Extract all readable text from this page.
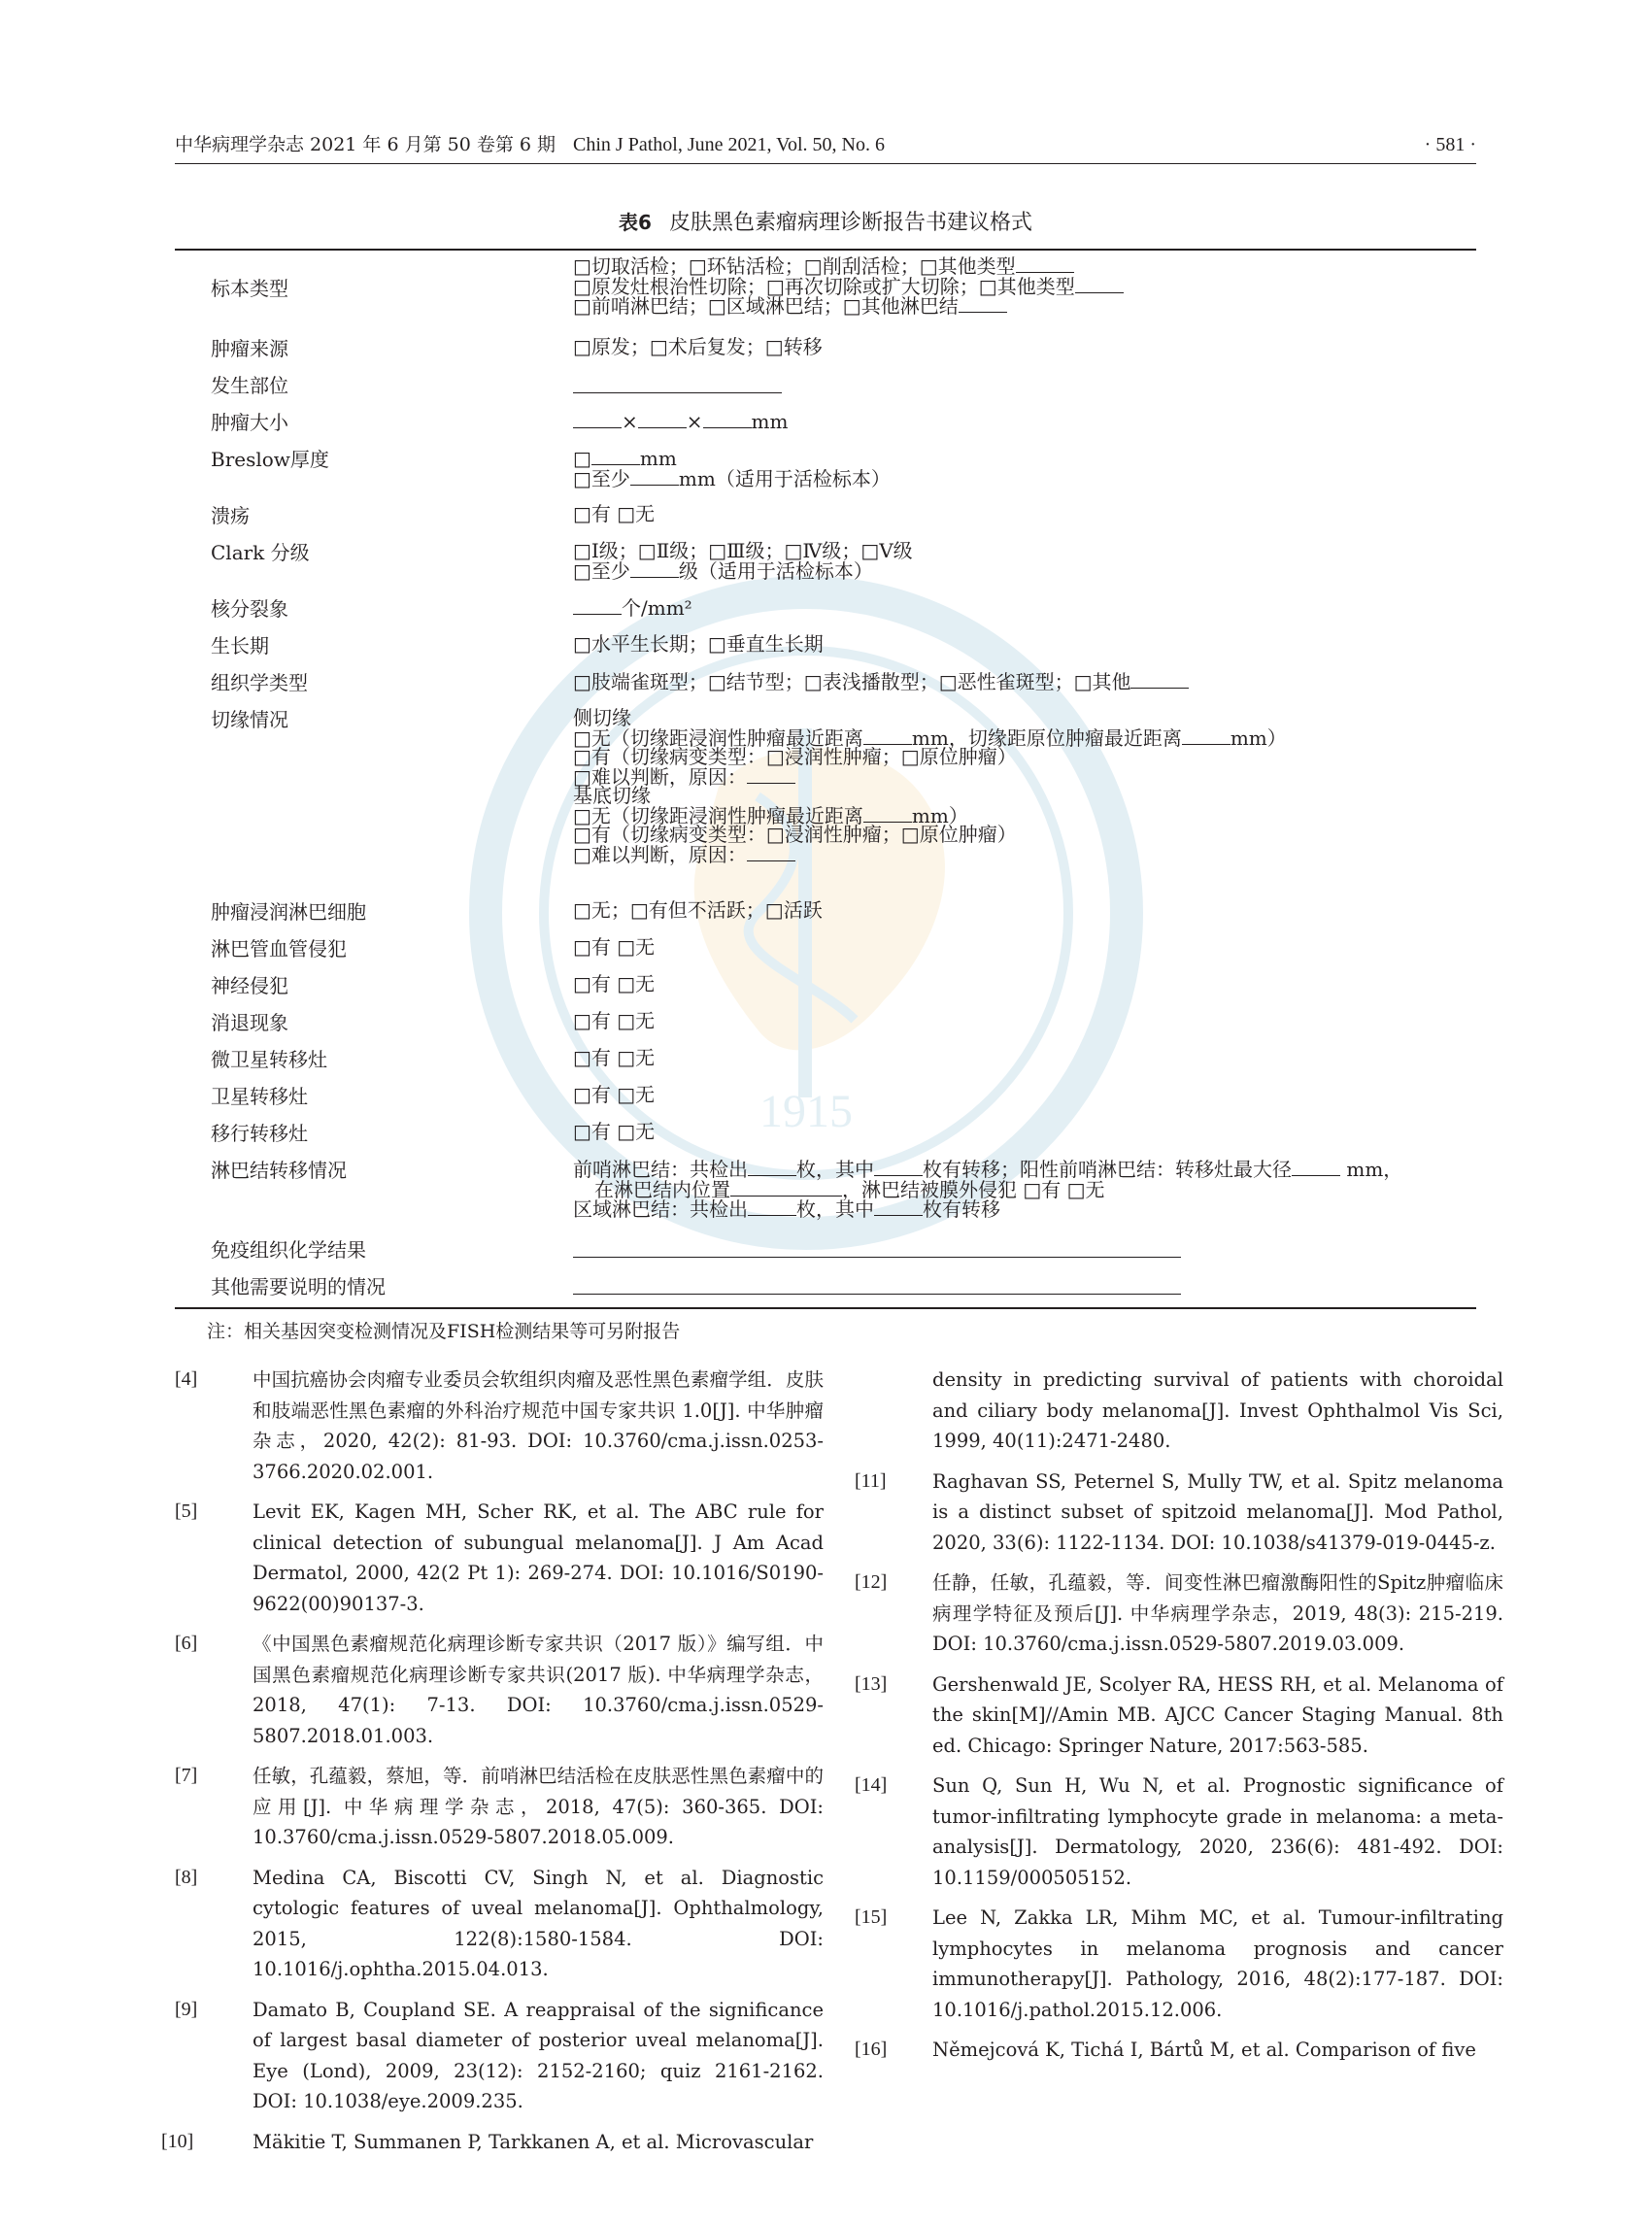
1915
中华病理学杂志 2021 年 6 月第 50 卷第 6 期 Chin J Pathol, June 2021, Vol. 50, No. 6	· 581 ·
表6 皮肤黑色素瘤病理诊断报告书建议格式
标本类型
□切取活检；□环钻活检；□削刮活检；□其他类型
□原发灶根治性切除；□再次切除或扩大切除；□其他类型
□前哨淋巴结；□区域淋巴结；□其他淋巴结
肿瘤来源	□原发；□术后复发；□转移
发生部位
肿瘤大小	×	×	mm
Breslow厚度	□	mm
□至少	mm（适用于活检标本）
溃疡	□有 □无
Clark 分级	□Ⅰ级；□Ⅱ级；□Ⅲ级；□Ⅳ级；□Ⅴ级
□至少	级（适用于活检标本）
核分裂象	个/mm²
生长期	□水平生长期；□垂直生长期
组织学类型	□肢端雀斑型；□结节型；□表浅播散型；□恶性雀斑型；□其他
切缘情况	侧切缘
□无（切缘距浸润性肿瘤最近距离	mm，切缘距原位肿瘤最近距离	mm）
□有（切缘病变类型：□浸润性肿瘤；□原位肿瘤）
□难以判断，原因：
基底切缘
□无（切缘距浸润性肿瘤最近距离	mm）
□有（切缘病变类型：□浸润性肿瘤；□原位肿瘤）
□难以判断，原因：
肿瘤浸润淋巴细胞	□无；□有但不活跃；□活跃
淋巴管血管侵犯	□有 □无
神经侵犯	□有 □无
消退现象	□有 □无
微卫星转移灶	□有 □无
卫星转移灶	□有 □无
移行转移灶	□有 □无
淋巴结转移情况	前哨淋巴结：共检出	枚，其中	枚有转移；阳性前哨淋巴结：转移灶最大径	mm，
在淋巴结内位置	，淋巴结被膜外侵犯 □有 □无
区域淋巴结：共检出	枚，其中	枚有转移
免疫组织化学结果
其他需要说明的情况
注：相关基因突变检测情况及FISH检测结果等可另附报告
[4]	中国抗癌协会肉瘤专业委员会软组织肉瘤及恶性黑色素瘤学组．皮肤和肢端恶性黑色素瘤的外科治疗规范中国专家共识 1.0[J]. 中华肿瘤杂志，2020, 42(2): 81-93. DOI: 10.3760/cma.j.issn.0253-3766.2020.02.001.
[5]	Levit EK, Kagen MH, Scher RK, et al. The ABC rule for clinical detection of subungual melanoma[J]. J Am Acad Dermatol, 2000, 42(2 Pt 1): 269-274. DOI: 10.1016/S0190-9622(00)90137-3.
[6]	《中国黑色素瘤规范化病理诊断专家共识（2017 版）》编写组．中国黑色素瘤规范化病理诊断专家共识(2017 版). 中华病理学杂志，2018, 47(1): 7-13. DOI: 10.3760/cma.j.issn.0529-5807.2018.01.003.
[7]	任敏，孔蕴毅，蔡旭，等．前哨淋巴结活检在皮肤恶性黑色素瘤中的应用[J]. 中华病理学杂志，2018, 47(5): 360-365. DOI: 10.3760/cma.j.issn.0529-5807.2018.05.009.
[8]	Medina CA, Biscotti CV, Singh N, et al. Diagnostic cytologic features of uveal melanoma[J]. Ophthalmology, 2015, 122(8):1580-1584. DOI: 10.1016/j.ophtha.2015.04.013.
[9]	Damato B, Coupland SE. A reappraisal of the significance of largest basal diameter of posterior uveal melanoma[J]. Eye (Lond), 2009, 23(12): 2152-2160; quiz 2161-2162. DOI: 10.1038/eye.2009.235.
[10]	Mäkitie T, Summanen P, Tarkkanen A, et al. Microvascular
density in predicting survival of patients with choroidal and ciliary body melanoma[J]. Invest Ophthalmol Vis Sci, 1999, 40(11):2471-2480.
[11]	Raghavan SS, Peternel S, Mully TW, et al. Spitz melanoma is a distinct subset of spitzoid melanoma[J]. Mod Pathol, 2020, 33(6): 1122-1134. DOI: 10.1038/s41379-019-0445-z.
[12]	任静，任敏，孔蕴毅，等．间变性淋巴瘤激酶阳性的Spitz肿瘤临床病理学特征及预后[J]. 中华病理学杂志，2019, 48(3): 215-219. DOI: 10.3760/cma.j.issn.0529-5807.2019.03.009.
[13]	Gershenwald JE, Scolyer RA, HESS RH, et al. Melanoma of the skin[M]//Amin MB. AJCC Cancer Staging Manual. 8th ed. Chicago: Springer Nature, 2017:563-585.
[14]	Sun Q, Sun H, Wu N, et al. Prognostic significance of tumor-infiltrating lymphocyte grade in melanoma: a meta-analysis[J]. Dermatology, 2020, 236(6): 481-492. DOI: 10.1159/000505152.
[15]	Lee N, Zakka LR, Mihm MC, et al. Tumour-infiltrating lymphocytes in melanoma prognosis and cancer immunotherapy[J]. Pathology, 2016, 48(2):177-187. DOI: 10.1016/j.pathol.2015.12.006.
[16]	Němejcová K, Tichá I, Bártů M, et al. Comparison of five
